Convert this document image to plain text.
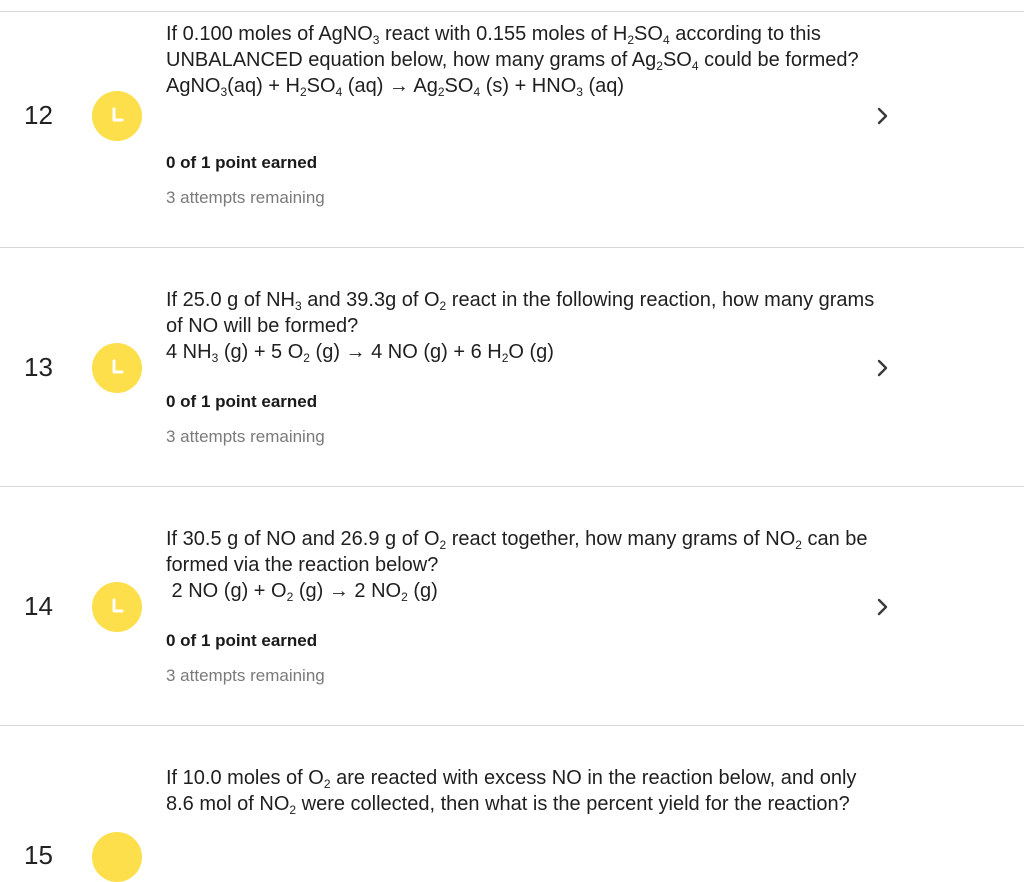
If 0.100 moles of AgNO$_3$ react with 0.155 moles of $H_2SO_4$ according to this UNBALANCED equation below, how many grams of $Ag_2SO_4$ could be formed?
AgNO$_3$(aq) + $H_2SO_4$ $(aq) \to Ag_2SO_4$ $(s) + HNO_3$ (aq)
12
0 of 1 point earned
3 attempts remaining
If 25.0 g of $NH_3$ and 39.3g of $O_2$ react in the following reaction, how many grams of NO will be formed?
4 $NH_3$ (g) + 5 $O_2$ (g) → 4 NO (g) + 6 $H_2O$ (g)
13
0 of 1 point earned
3 attempts remaining
If 30.5 g of NO and 26.9 g of $O_2$ react together, how many grams of $NO_2$ can be formed via the reaction below?
2 NO $(g) + O_2$ (g) → 2 $NO_2$ (g)
14
0 of 1 point earned
3 attempts remaining
If 10.0 moles of $O_2$ are reacted with excess NO in the reaction below, and only 8.6 mol of $NO_2$ were collected, then what is the percent yield for the reaction?
15
